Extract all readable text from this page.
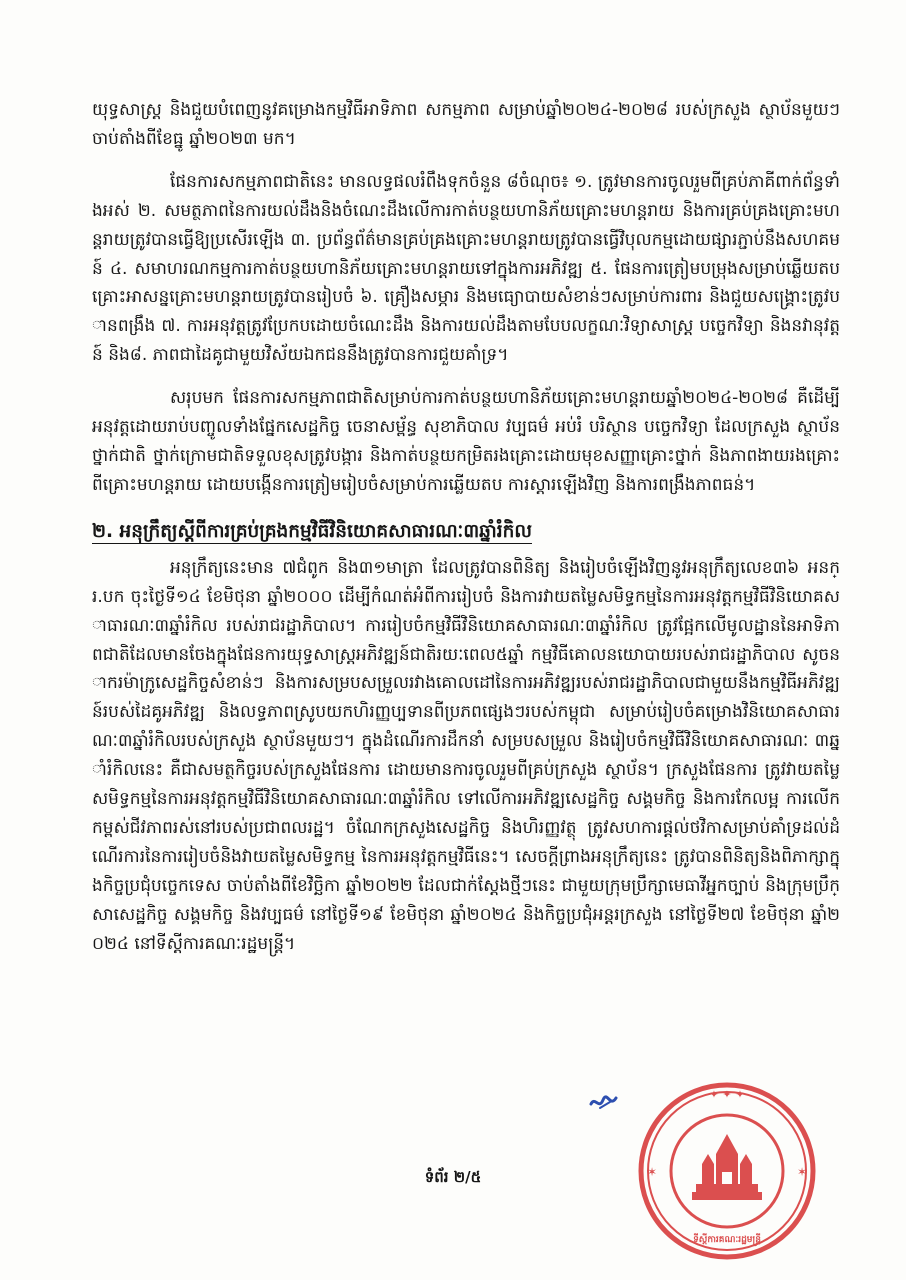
យុទ្ធសាស្ត្រ និងជួយបំពេញនូវគម្រោងកម្មវិធីអាទិភាព សកម្មភាព សម្រាប់ឆ្នាំ២០២៤-២០២៨ របស់ក្រសួង ស្ថាប័នមួយៗ ចាប់តាំងពីខែធ្នូ ឆ្នាំ២០២៣ មក។

ផែនការសកម្មភាពជាតិនេះ មានលទ្ធផលរំពឹងទុកចំនួន ៨ចំណុច៖ ១. ត្រូវមានការចូលរួមពីគ្រប់ភាគីពាក់ព័ន្ធទាំងអស់ ២. សមត្ថភាពនៃការយល់ដឹងនិងចំណេះដឹងលើការកាត់បន្ថយហានិភ័យគ្រោះមហន្តរាយ និងការគ្រប់គ្រងគ្រោះមហន្តរាយត្រូវបានធ្វើឱ្យប្រសើរឡើង ៣. ប្រព័ន្ធព័ត៌មានគ្រប់គ្រងគ្រោះមហន្តរាយត្រូវបានធ្វើវិបុលកម្មដោយផ្សារភ្ជាប់នឹងសហគមន៍ ៤. សមាហរណកម្មការកាត់បន្ថយហានិភ័យគ្រោះមហន្តរាយទៅក្នុងការអភិវឌ្ឍ ៥. ផែនការត្រៀមបម្រុងសម្រាប់ឆ្លើយតបគ្រោះអាសន្នគ្រោះមហន្តរាយត្រូវបានរៀបចំ ៦. គ្រឿងសម្ភារ និងមធ្យោបាយសំខាន់ៗសម្រាប់ការពារ និងជួយសង្គ្រោះត្រូវបានពង្រឹង ៧. ការអនុវត្តត្រូវប្រែកបដោយចំណេះដឹង និងការយល់ដឹងតាមបែបលក្ខណៈវិទ្យាសាស្ត្រ បច្ចេកវិទ្យា និងនវានុវត្តន៍ និង៨. ភាពជាដៃគូជាមួយវិស័យឯកជននឹងត្រូវបានការជួយគាំទ្រ។

សរុបមក ផែនការសកម្មភាពជាតិសម្រាប់ការកាត់បន្ថយហានិភ័យគ្រោះមហន្តរាយឆ្នាំ២០២៤-២០២៨ គឺដើម្បីអនុវត្តដោយរាប់បញ្ចូលទាំងផ្នែកសេដ្ឋកិច្ច ចេនាសម្ព័ន្ធ សុខាភិបាល វប្បធម៌ អប់រំ បរិស្ថាន បច្ចេកវិទ្យា ដែលក្រសួង ស្ថាប័នថ្នាក់ជាតិ ថ្នាក់ក្រោមជាតិទទួលខុសត្រូវបង្ការ និងកាត់បន្ថយកម្រិតរងគ្រោះដោយមុខសញ្ញាគ្រោះថ្នាក់ និងភាពងាយរងគ្រោះពីគ្រោះមហន្តរាយ ដោយបង្កើនការត្រៀមរៀបចំសម្រាប់ការឆ្លើយតប ការស្តារឡើងវិញ និងការពង្រឹងភាពធន់។

២. អនុក្រឹត្យស្តីពីការគ្រប់គ្រងកម្មវិធីវិនិយោគសាធារណៈ៣ឆ្នាំរំកិល

អនុក្រឹត្យនេះមាន ៧ជំពូក និង៣១មាត្រា ដែលត្រូវបានពិនិត្យ និងរៀបចំឡើងវិញនូវអនុក្រឹត្យលេខ៣៦ អនក្រ.បក ចុះថ្ងៃទី១៤ ខែមិថុនា ឆ្នាំ២០០០ ដើម្បីកំណត់អំពីការរៀបចំ និងការវាយតម្លៃសមិទ្ធកម្មនៃការអនុវត្តកម្មវិធីវិនិយោគសាធារណៈ៣ឆ្នាំរំកិល របស់រាជរដ្ឋាភិបាល។ ការរៀបចំកម្មវិធីវិនិយោគសាធារណៈ៣ឆ្នាំរំកិល ត្រូវផ្អែកលើមូលដ្ឋាននៃអាទិភាពជាតិដែលមានចែងក្នុងផែនការយុទ្ធសាស្ត្រអភិវឌ្ឍន៍ជាតិរយៈពេល៥ឆ្នាំ កម្មវិធីគោលនយោបាយរបស់រាជរដ្ឋាភិបាល សូចនាករម៉ាក្រូសេដ្ឋកិច្ចសំខាន់ៗ និងការសម្របសម្រួលរវាងគោលដៅនៃការអភិវឌ្ឍរបស់រាជរដ្ឋាភិបាលជាមួយនឹងកម្មវិធីអភិវឌ្ឍន៍របស់ដៃគូអភិវឌ្ឍ និងលទ្ធភាពស្រូបយកហិរញ្ញប្បទានពីប្រភពផ្សេងៗរបស់កម្ពុជា សម្រាប់រៀបចំគម្រោងវិនិយោគសាធារណៈ៣ឆ្នាំរំកិលរបស់ក្រសួង ស្ថាប័នមួយៗ។ ក្នុងដំណើរការដឹកនាំ សម្របសម្រួល និងរៀបចំកម្មវិធីវិនិយោគសាធារណៈ ៣ឆ្នាំរំកិលនេះ គឺជាសមត្ថកិច្ចរបស់ក្រសួងផែនការ ដោយមានការចូលរួមពីគ្រប់ក្រសួង ស្ថាប័ន។ ក្រសួងផែនការ ត្រូវវាយតម្លៃសមិទ្ធកម្មនៃការអនុវត្តកម្មវិធីវិនិយោគសាធារណៈ៣ឆ្នាំរំកិល ទៅលើការអភិវឌ្ឍសេដ្ឋកិច្ច សង្គមកិច្ច និងការកែលម្អ ការលើកកម្ពស់ជីវភាពរស់នៅរបស់ប្រជាពលរដ្ឋ។ ចំណែកក្រសួងសេដ្ឋកិច្ច និងហិរញ្ញវត្ថុ ត្រូវសហការផ្តល់ថវិកាសម្រាប់គាំទ្រដល់ដំណើរការនៃការរៀបចំនិងវាយតម្លៃសមិទ្ធកម្ម នៃការអនុវត្តកម្មវិធីនេះ។ សេចក្តីព្រាងអនុក្រឹត្យនេះ ត្រូវបានពិនិត្យនិងពិភាក្សាក្នុងកិច្ចប្រជុំបច្ចេកទេស ចាប់តាំងពីខែវិច្ឆិកា ឆ្នាំ២០២២ ដែលជាក់ស្តែងថ្មីៗនេះ ជាមួយក្រុមប្រឹក្សាមេធាវីអ្នកច្បាប់ និងក្រុមប្រឹក្សាសេដ្ឋកិច្ច សង្គមកិច្ច និងវប្បធម៌ នៅថ្ងៃទី១៩ ខែមិថុនា ឆ្នាំ២០២៤ និងកិច្ចប្រជុំអន្តរក្រសួង នៅថ្ងៃទី២៧ ខែមិថុនា ឆ្នាំ២០២៤ នៅទីស្តីការគណៈរដ្ឋមន្ត្រី។

✦ ✦ ✦
✶	✶
ទីស្តីការគណៈរដ្ឋមន្ត្រី
ទំព័រ ២/៥
